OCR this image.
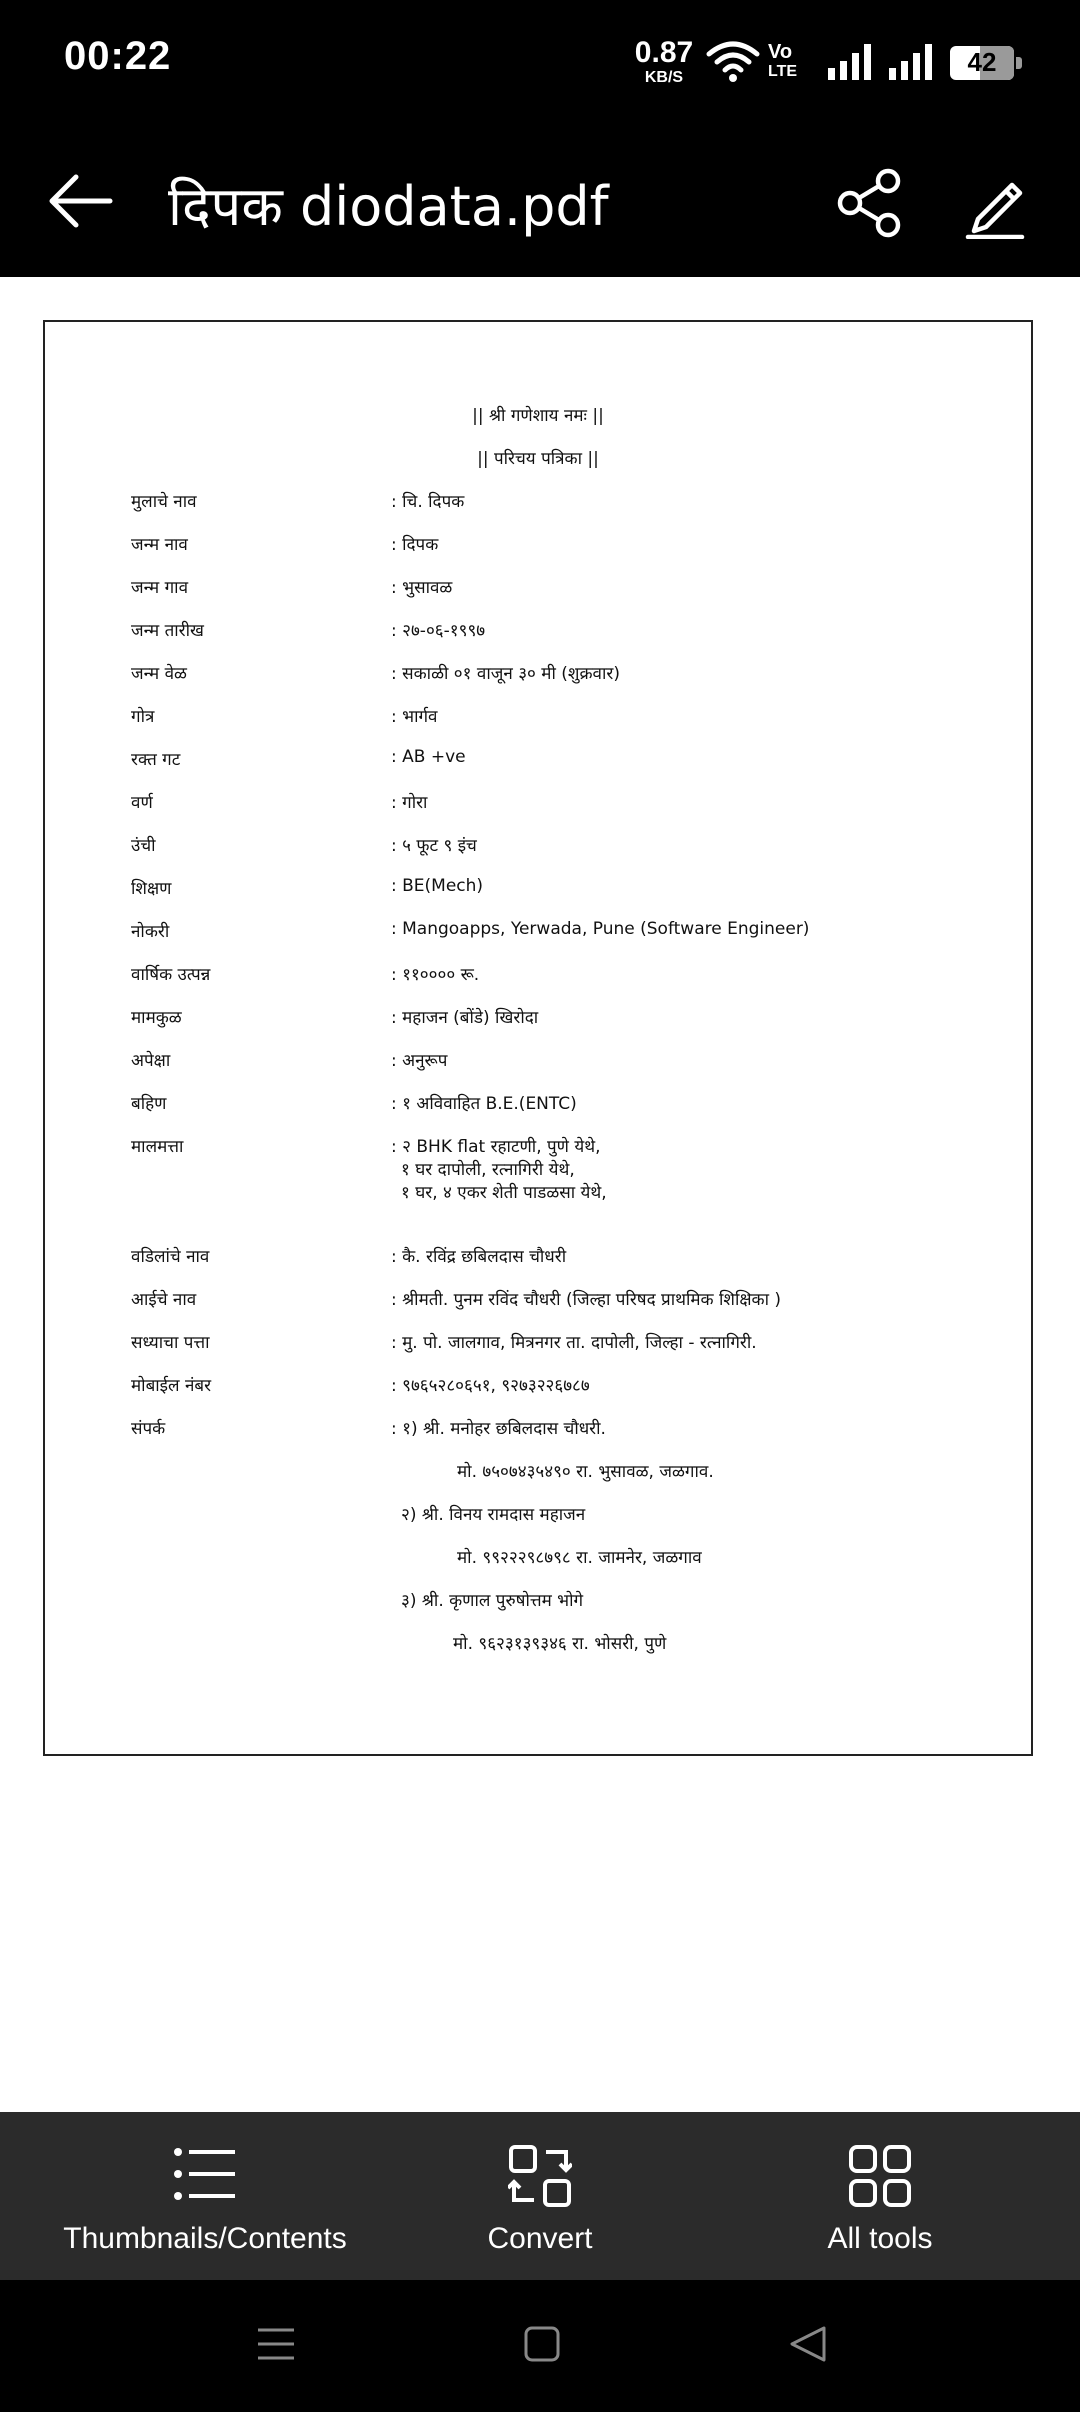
00:22	0.87
KB/S
Vo
LTE	42
दिपक diodata.pdf
|| श्री गणेशाय नमः ||
|| परिचय पत्रिका ||
मुलाचे नाव	: चि. दिपक
जन्म नाव	: दिपक
जन्म गाव	: भुसावळ
जन्म तारीख	: २७-०६-१९९७
जन्म वेळ	: सकाळी ०१ वाजून ३० मी (शुक्रवार)
गोत्र	: भार्गव
रक्त गट	: AB +ve
वर्ण	: गोरा
उंची	: ५ फूट ९ इंच
शिक्षण	: BE(Mech)
नोकरी	: Mangoapps, Yerwada, Pune (Software Engineer)
वार्षिक उत्पन्न	: ११०००० रू.
मामकुळ	: महाजन (बोंडे) खिरोदा
अपेक्षा	: अनुरूप
बहिण	: १ अविवाहित B.E.(ENTC)
मालमत्ता	: २ BHK flat रहाटणी, पुणे येथे,
१ घर दापोली, रत्नागिरी येथे,
१ घर, ४ एकर शेती पाडळसा येथे,
वडिलांचे नाव	: कै. रविंद्र छबिलदास चौधरी
आईचे नाव	: श्रीमती. पुनम रविंद चौधरी (जिल्हा परिषद प्राथमिक शिक्षिका )
सध्याचा पत्ता	: मु. पो. जालगाव, मित्रनगर ता. दापोली, जिल्हा - रत्नागिरी.
मोबाईल नंबर	: ९७६५२८०६५१, ९२७३२२६७८७
संपर्क	: १) श्री. मनोहर छबिलदास चौधरी.
मो. ७५०७४३५४९० रा. भुसावळ, जळगाव.
२) श्री. विनय रामदास महाजन
मो. ९९२२२९८७९८ रा. जामनेर, जळगाव
३) श्री. कृणाल पुरुषोत्तम भोगे
मो. ९६२३१३९३४६ रा. भोसरी, पुणे
Thumbnails/Contents	Convert	All tools
